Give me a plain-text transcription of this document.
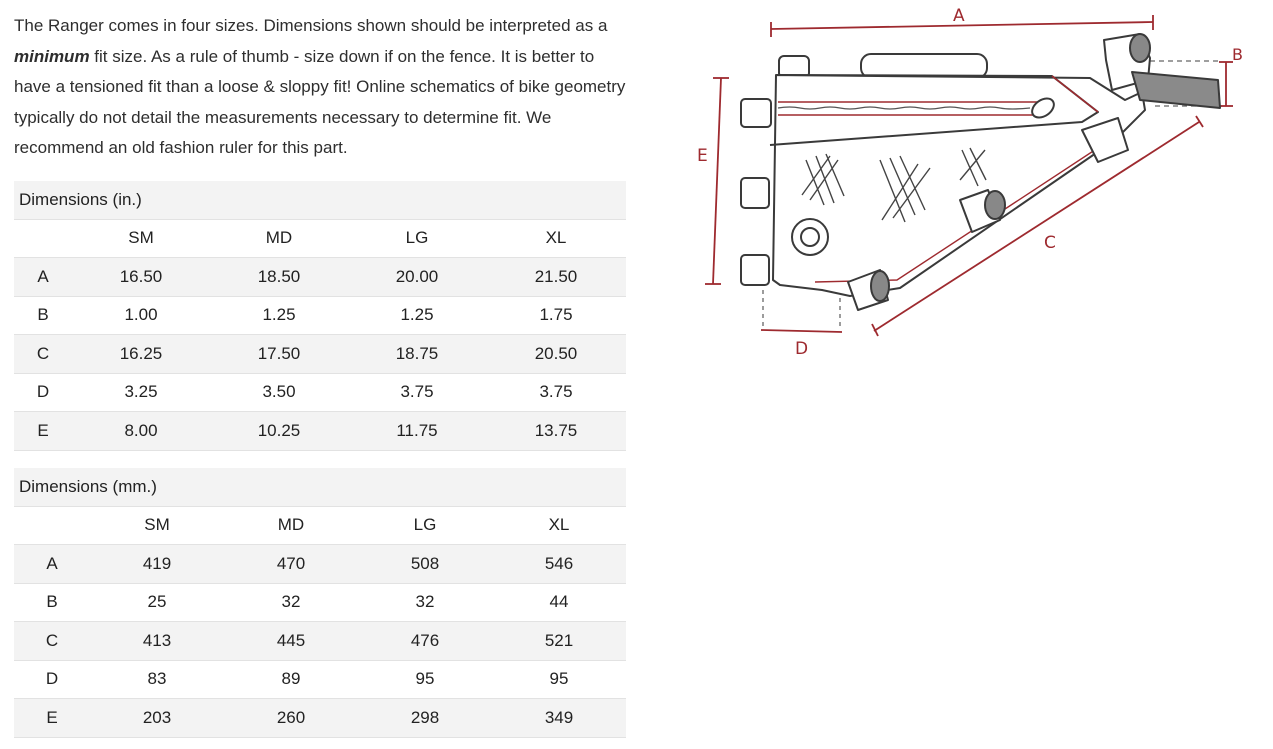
The Ranger comes in four sizes. Dimensions shown should be interpreted as a minimum fit size. As a rule of thumb - size down if on the fence. It is better to have a tensioned fit than a loose & sloppy fit! Online schematics of bike geometry typically do not detail the measurements necessary to determine fit. We recommend an old fashion ruler for this part.
Dimensions (in.)				
	SM	MD	LG	XL
A	16.50	18.50	20.00	21.50
B	1.00	1.25	1.25	1.75
C	16.25	17.50	18.75	20.50
D	3.25	3.50	3.75	3.75
E	8.00	10.25	11.75	13.75
Dimensions (mm.)				
	SM	MD	LG	XL
A	419	470	508	546
B	25	32	32	44
C	413	445	476	521
D	83	89	95	95
E	203	260	298	349
A
E
C
D
B
